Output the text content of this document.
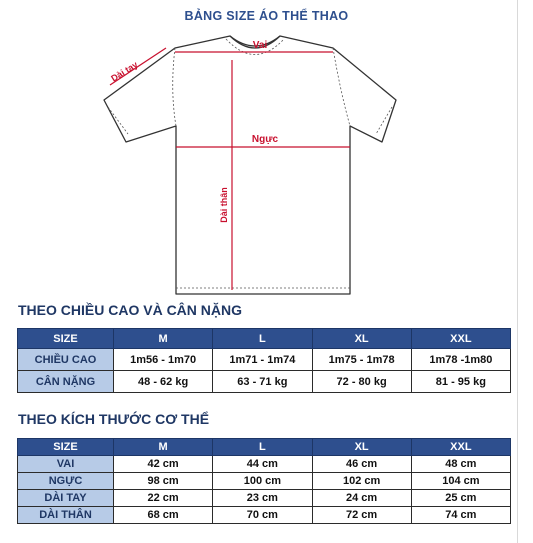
BẢNG SIZE ÁO THỂ THAO
Vai
Ngực
Dài tay
Dài thân
THEO CHIỀU CAO VÀ CÂN NẶNG
SIZE	M	L	XL	XXL
CHIỀU CAO	1m56 - 1m70	1m71 - 1m74	1m75 - 1m78	1m78 -1m80
CÂN NẶNG	48 - 62 kg	63 - 71 kg	72 - 80 kg	81 - 95 kg
THEO KÍCH THƯỚC CƠ THỂ
SIZE	M	L	XL	XXL
VAI	42 cm	44 cm	46 cm	48 cm
NGỰC	98 cm	100 cm	102 cm	104 cm
DÀI TAY	22 cm	23 cm	24 cm	25 cm
DÀI THÂN	68 cm	70 cm	72 cm	74 cm
